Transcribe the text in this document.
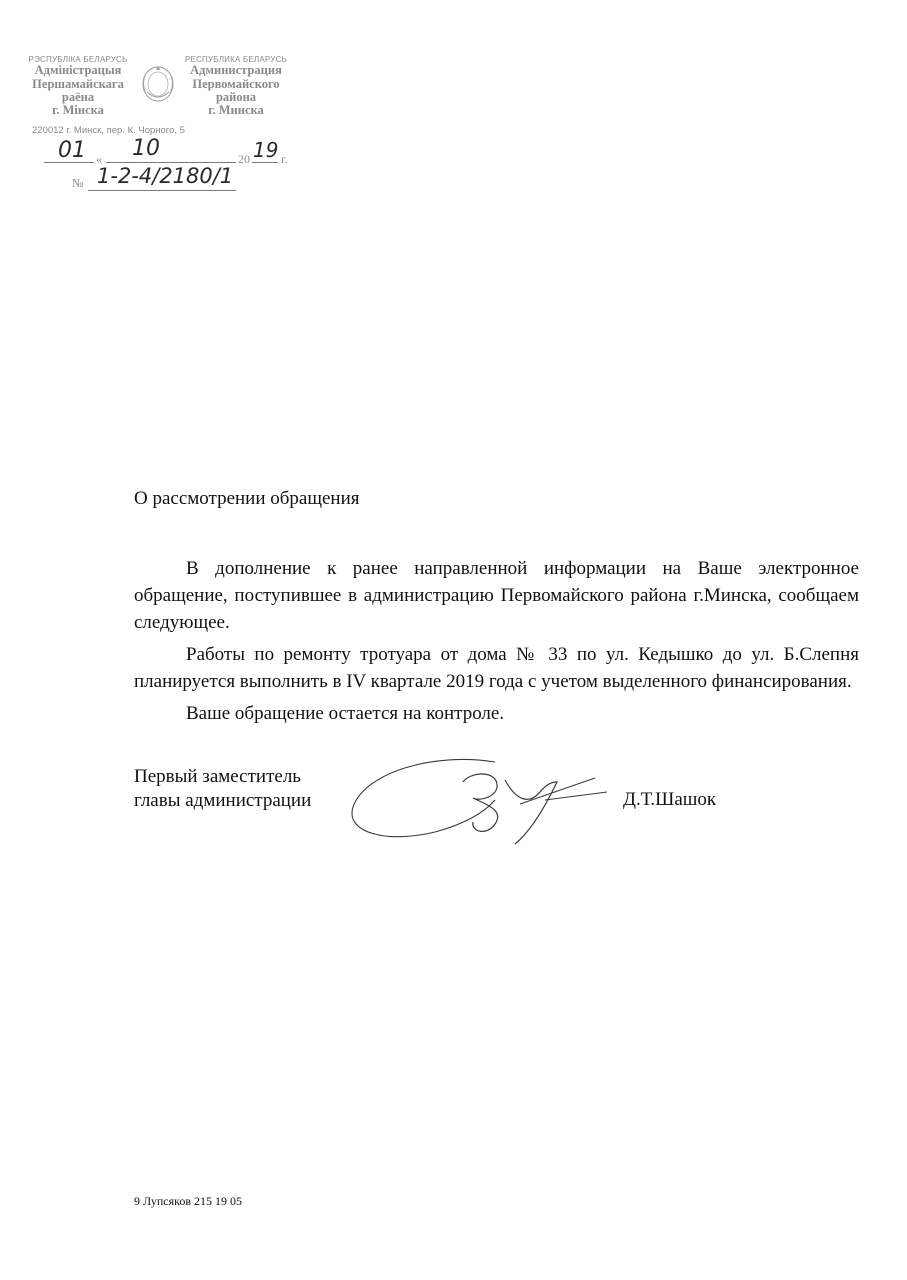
РЭСПУБЛІКА БЕЛАРУСЬ
Адміністрацыя
Першамайскага
раёна
г. Мінска
РЕСПУБЛИКА БЕЛАРУСЬ
Администрация
Первомайского
района
г. Минска
220012 г. Минск, пер. К. Чорного, 5
01 « 10	20 19 г.
№ 1-2-4/2180/1
О рассмотрении обращения

В дополнение к ранее направленной информации на Ваше электронное обращение, поступившее в администрацию Первомайского района г.Минска, сообщаем следующее.

Работы по ремонту тротуара от дома № 33 по ул. Кедышко до ул. Б.Слепня планируется выполнить в IV квартале 2019 года с учетом выделенного финансирования.

Ваше обращение остается на контроле.

Первый заместитель
главы администрации	Д.Т.Шашок
9 Лупсяков 215 19 05
